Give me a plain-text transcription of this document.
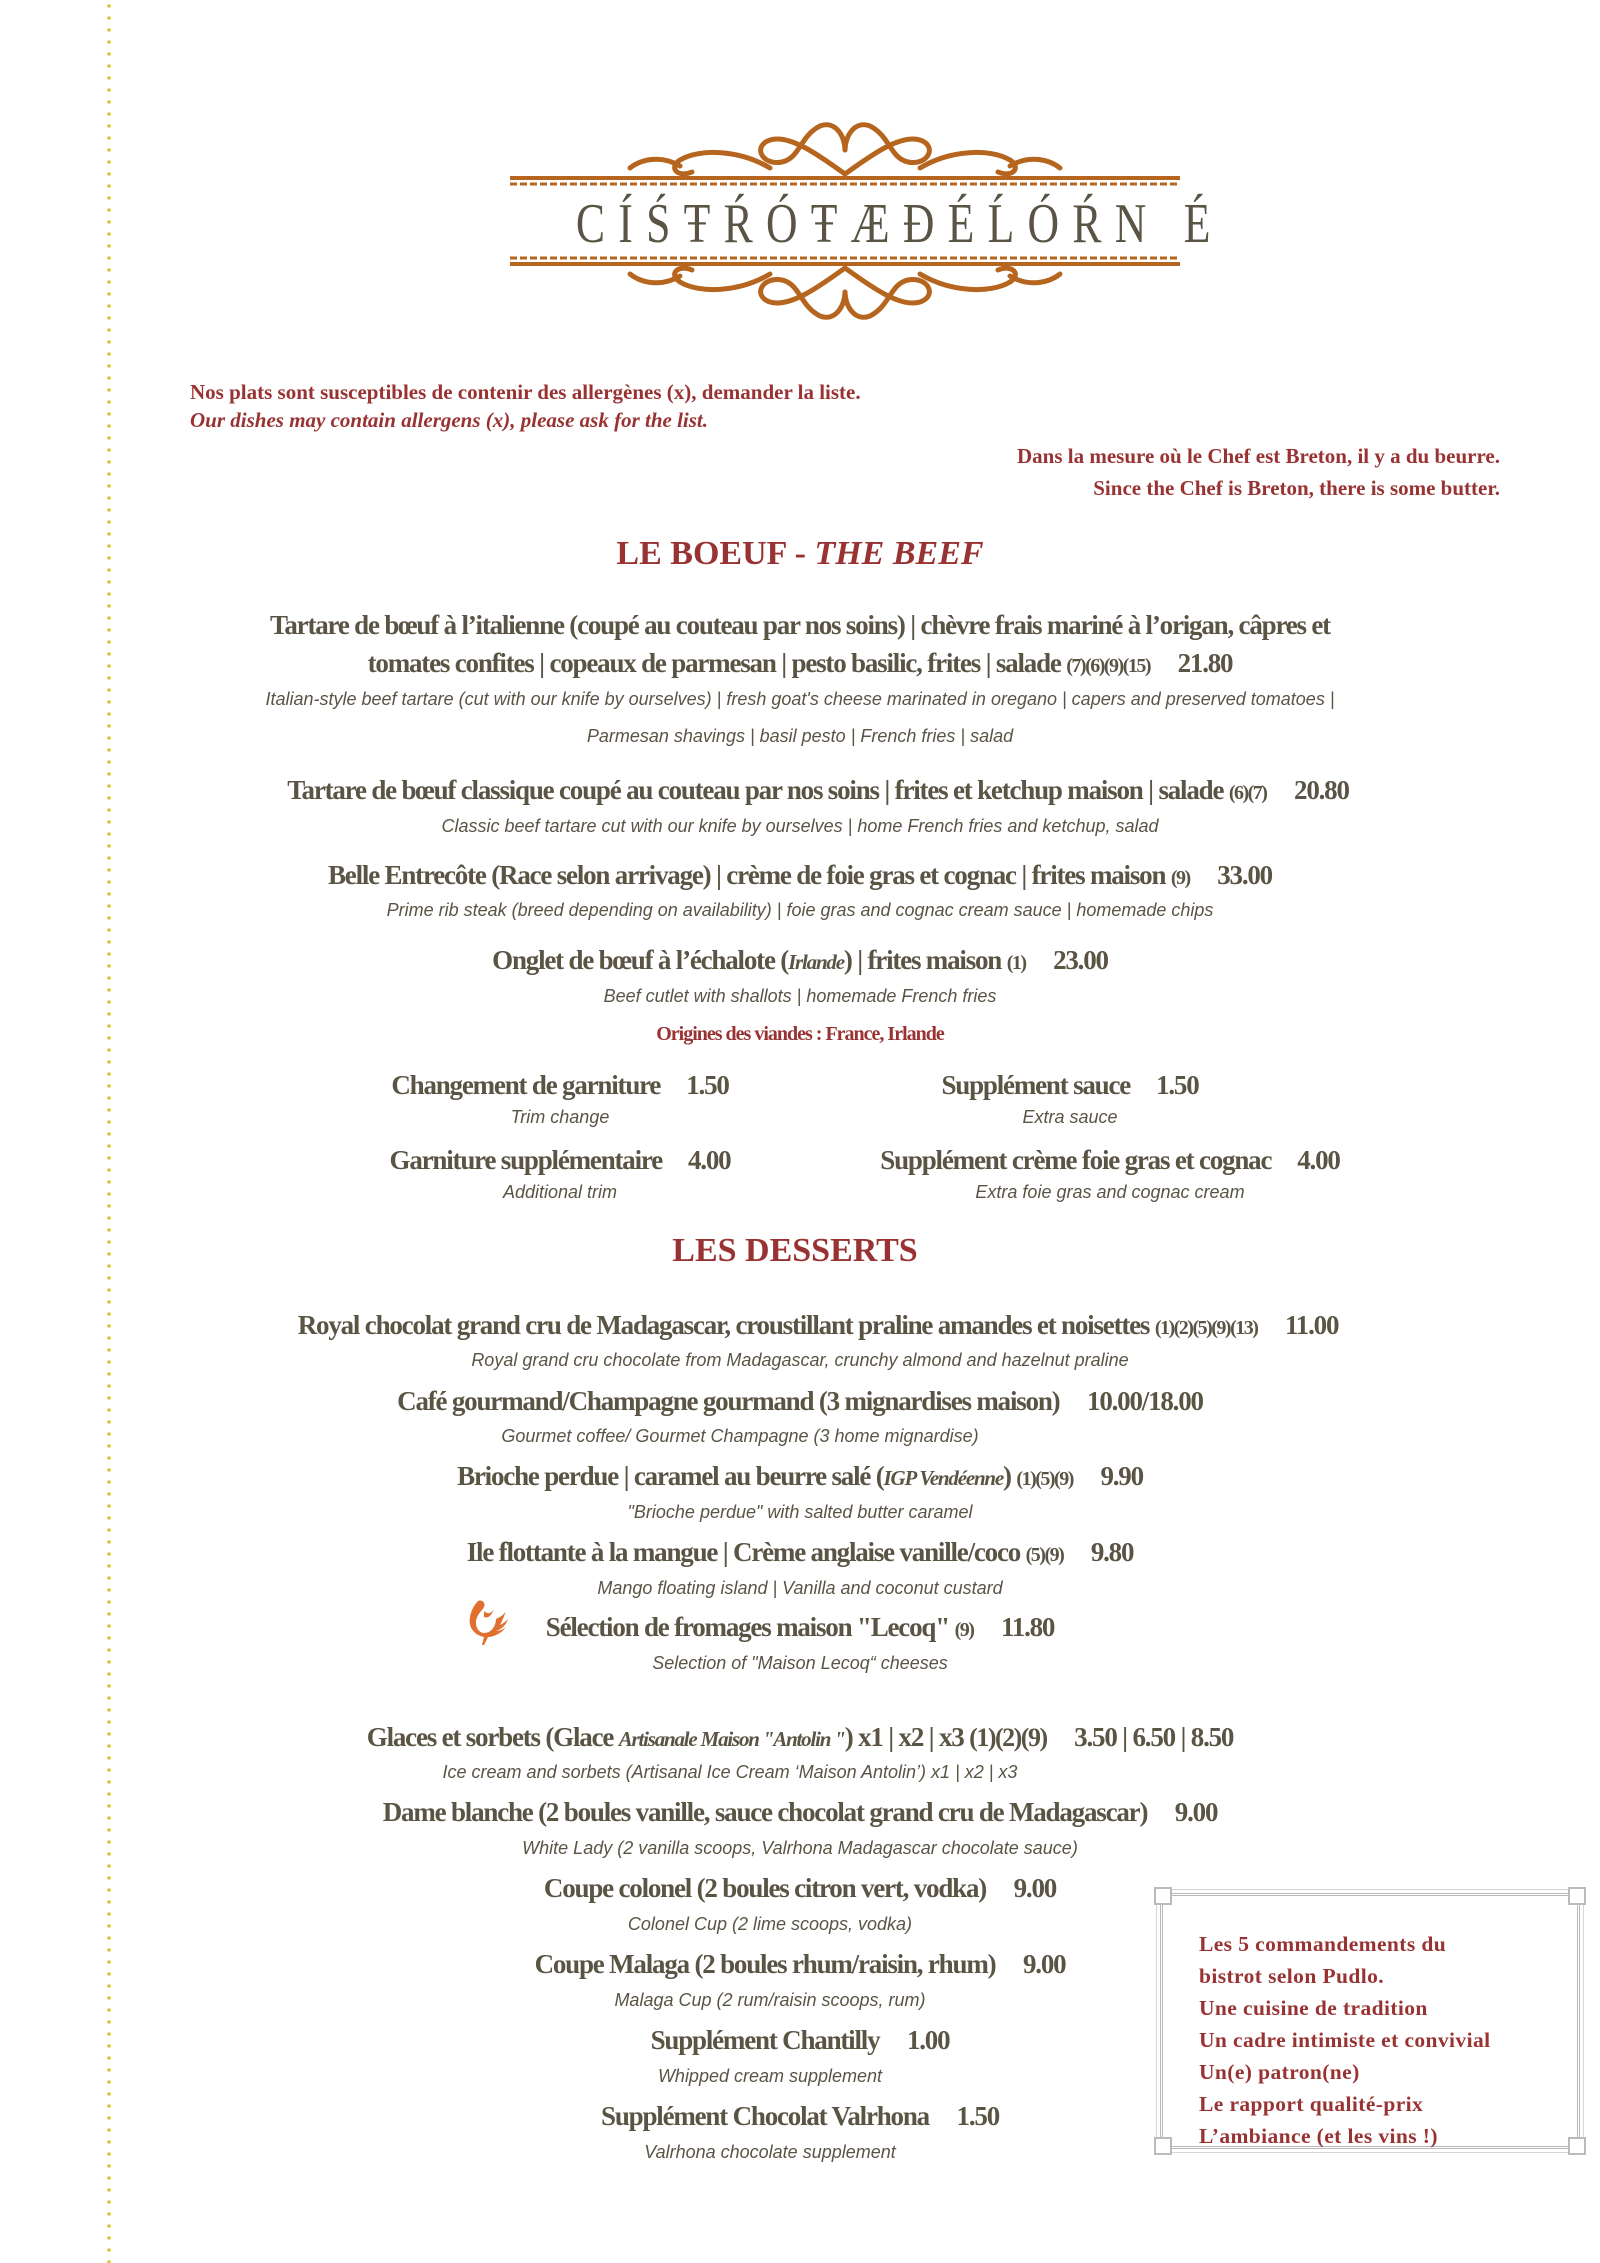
CÍŚŦŔÓŦÆĐÉĹÓŔN É
Nos plats sont susceptibles de contenir des allergènes (x), demander la liste.
Our dishes may contain allergens (x), please ask for the list.
Dans la mesure où le Chef est Breton, il y a du beurre.
Since the Chef is Breton, there is some butter.
LE BOEUF - THE BEEF
Tartare de bœuf à l’italienne (coupé au couteau par nos soins) | chèvre frais mariné à l’origan, câpres et
tomates confites | copeaux de parmesan | pesto basilic, frites | salade (7)(6)(9)(15) 21.80
Italian-style beef tartare (cut with our knife by ourselves) | fresh goat's cheese marinated in oregano | capers and preserved tomatoes |
Parmesan shavings | basil pesto | French fries | salad
Tartare de bœuf classique coupé au couteau par nos soins | frites et ketchup maison | salade (6)(7) 20.80
Classic beef tartare cut with our knife by ourselves | home French fries and ketchup, salad
Belle Entrecôte (Race selon arrivage) | crème de foie gras et cognac | frites maison (9) 33.00
Prime rib steak (breed depending on availability) | foie gras and cognac cream sauce | homemade chips
Onglet de bœuf à l’échalote (Irlande) | frites maison (1) 23.00
Beef cutlet with shallots | homemade French fries
Origines des viandes : France, Irlande
Changement de garniture 1.50
Trim change
Supplément sauce 1.50
Extra sauce
Garniture supplémentaire 4.00
Additional trim
Supplément crème foie gras et cognac 4.00
Extra foie gras and cognac cream
LES DESSERTS
Royal chocolat grand cru de Madagascar, croustillant praline amandes et noisettes (1)(2)(5)(9)(13) 11.00
Royal grand cru chocolate from Madagascar, crunchy almond and hazelnut praline
Café gourmand/Champagne gourmand (3 mignardises maison) 10.00/18.00
Gourmet coffee/ Gourmet Champagne (3 home mignardise)
Brioche perdue | caramel au beurre salé (IGP Vendéenne) (1)(5)(9) 9.90
"Brioche perdue" with salted butter caramel
Ile flottante à la mangue | Crème anglaise vanille/coco (5)(9) 9.80
Mango floating island | Vanilla and coconut custard
Sélection de fromages maison "Lecoq" (9) 11.80
Selection of "Maison Lecoq“ cheeses
Glaces et sorbets (Glace Artisanale Maison "Antolin ") x1 | x2 | x3 (1)(2)(9) 3.50 | 6.50 | 8.50
Ice cream and sorbets (Artisanal Ice Cream ‘Maison Antolin’) x1 | x2 | x3
Dame blanche (2 boules vanille, sauce chocolat grand cru de Madagascar) 9.00
White Lady (2 vanilla scoops, Valrhona Madagascar chocolate sauce)
Coupe colonel (2 boules citron vert, vodka) 9.00
Colonel Cup (2 lime scoops, vodka)
Coupe Malaga (2 boules rhum/raisin, rhum) 9.00
Malaga Cup (2 rum/raisin scoops, rum)
Supplément Chantilly 1.00
Whipped cream supplement
Supplément Chocolat Valrhona 1.50
Valrhona chocolate supplement
Les 5 commandements du
bistrot selon Pudlo.
Une cuisine de tradition
Un cadre intimiste et convivial
Un(e) patron(ne)
Le rapport qualité-prix
L’ambiance (et les vins !)
